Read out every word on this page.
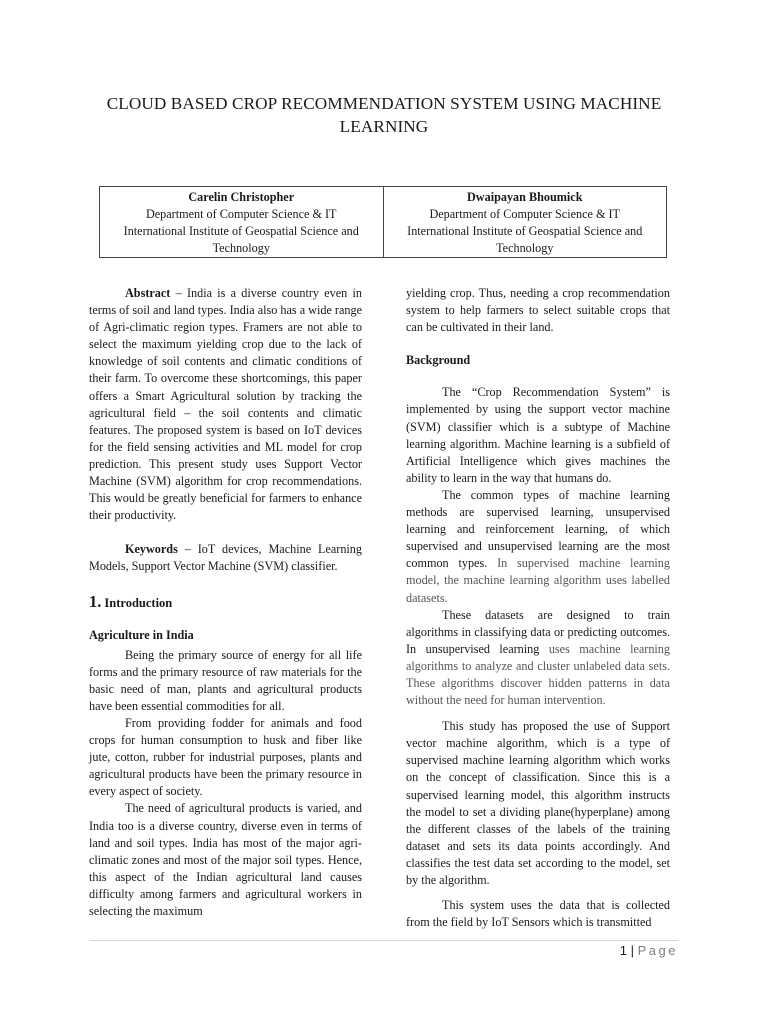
CLOUD BASED CROP RECOMMENDATION SYSTEM USING MACHINE LEARNING
Carelin Christopher
Department of Computer Science & IT
International Institute of Geospatial Science and Technology
Dwaipayan Bhoumick
Department of Computer Science & IT
International Institute of Geospatial Science and Technology

Abstract – India is a diverse country even in terms of soil and land types. India also has a wide range of Agri-climatic region types. Framers are not able to select the maximum yielding crop due to the lack of knowledge of soil contents and climatic conditions of their farm. To overcome these shortcomings, this paper offers a Smart Agricultural solution by tracking the agricultural field – the soil contents and climatic features. The proposed system is based on IoT devices for the field sensing activities and ML model for crop prediction. This present study uses Support Vector Machine (SVM) algorithm for crop recommendations. This would be greatly beneficial for farmers to enhance their productivity.

Keywords – IoT devices, Machine Learning Models, Support Vector Machine (SVM) classifier.

1. Introduction

Agriculture in India

Being the primary source of energy for all life forms and the primary resource of raw materials for the basic need of man, plants and agricultural products have been essential commodities for all.

From providing fodder for animals and food crops for human consumption to husk and fiber like jute, cotton, rubber for industrial purposes, plants and agricultural products have been the primary resource in every aspect of society.

The need of agricultural products is varied, and India too is a diverse country, diverse even in terms of land and soil types. India has most of the major agri- climatic zones and most of the major soil types. Hence, this aspect of the Indian agricultural land causes difficulty among farmers and agricultural workers in selecting the maximum

yielding crop. Thus, needing a crop recommendation system to help farmers to select suitable crops that can be cultivated in their land.

Background

The “Crop Recommendation System” is implemented by using the support vector machine (SVM) classifier which is a subtype of Machine learning algorithm. Machine learning is a subfield of Artificial Intelligence which gives machines the ability to learn in the way that humans do.

The common types of machine learning methods are supervised learning, unsupervised learning and reinforcement learning, of which supervised and unsupervised learning are the most common types. In supervised machine learning model, the machine learning algorithm uses labelled datasets.

These datasets are designed to train algorithms in classifying data or predicting outcomes. In unsupervised learning uses machine learning algorithms to analyze and cluster unlabeled data sets. These algorithms discover hidden patterns in data without the need for human intervention.

This study has proposed the use of Support vector machine algorithm, which is a type of supervised machine learning algorithm which works on the concept of classification. Since this is a supervised learning model, this algorithm instructs the model to set a dividing plane(hyperplane) among the different classes of the labels of the training dataset and sets its data points accordingly. And classifies the test data set according to the model, set by the algorithm.

This system uses the data that is collected from the field by IoT Sensors which is transmitted

1 | Page
